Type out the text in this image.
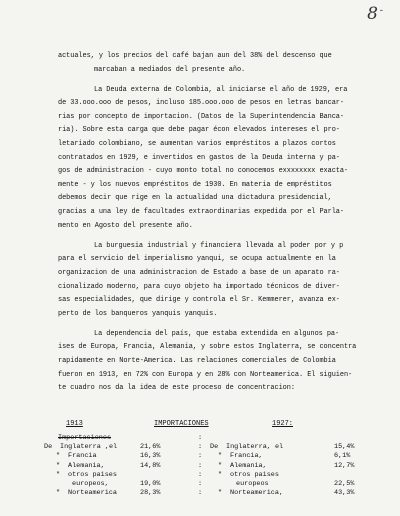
8 -
actuales, y los precios del café bajan aun del 38% del descenso que
marcaban a mediados del presente año.
La Deuda externa de Colombia, al iniciarse el año de 1929, era
de 33.ooo.ooo de pesos, incluso 185.ooo.ooo de pesos en letras bancar-
rias por concepto de importacion. (Datos de la Superintendencia Banca-
ria). Sobre esta carga que debe pagar écon elevados intereses el pro-
letariado colombiano, se aumentan varios empréstitos a plazos cortos
contratados en 1929, e invertidos en gastos de la Deuda interna y pa-
gos de administracion - cuyo monto total no conocemos exxxxxxxx exacta-
mente - y los nuevos empréstitos de 1930. En materia de empréstitos
debemos decir que rige en la actualidad una dictadura presidencial,
gracias a una ley de facultades extraordinarias expedida por el Parla-
mento en Agosto del presente año.
La burguesia industrial y financiera llevada al poder por y p
para el servicio del imperialismo yanqui, se ocupa actualmente en la
organizacion de una administracion de Estado a base de un aparato ra-
cionalizado moderno, para cuyo objeto ha importado técnicos de diver-
sas especialidades, que dirige y controla el Sr. Kemmerer, avanza ex-
perto de los banqueros yanquis yanquis.
La dependencia del país, que estaba extendida en algunos pa-
ises de Europa, Francia, Alemania, y sobre estos Inglaterra, se concentra
rapidamente en Norte-America. Las relaciones comerciales de Colombia
fueron en 1913, en 72% con Europa y en 28% con Norteamerica. El siguien-
te cuadro nos da la idea de este proceso de concentracion:
1913	IMPORTACIONES	1927:
Importaciones	:
De Inglaterra ,el	21,6%	: De Inglaterra, el	15,4%
" Francia	16,3%	: " Francia,	6,1%
" Alemania,	14,8%	: " Alemania,	12,7%
" otros paises	: " otros paises
europeos,	19,0%	:	europeos	22,5%
" Norteamerica	28,3%	: " Norteamerica,	43,3%
